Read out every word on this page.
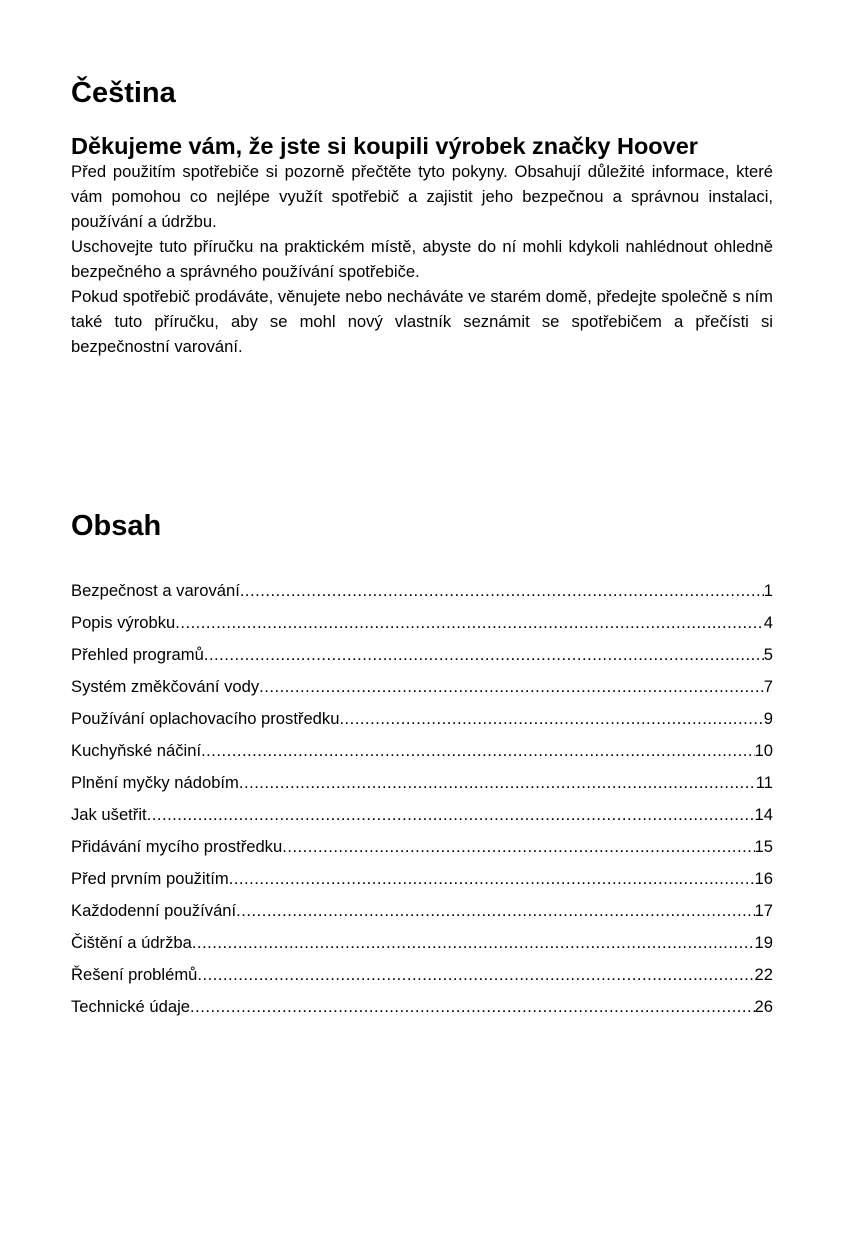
Čeština
Děkujeme vám, že jste si koupili výrobek značky Hoover

Před použitím spotřebiče si pozorně přečtěte tyto pokyny. Obsahují důležité informace, které vám pomohou co nejlépe využít spotřebič a zajistit jeho bezpečnou a správnou instalaci, používání a údržbu.

Uschovejte tuto příručku na praktickém místě, abyste do ní mohli kdykoli nahlédnout ohledně bezpečného a správného používání spotřebiče.

Pokud spotřebič prodáváte, věnujete nebo necháváte ve starém domě, předejte společně s ním také tuto příručku, aby se mohl nový vlastník seznámit se spotřebičem a přečísti si bezpečnostní varování.

Obsah
Bezpečnost a varování .....	1
Popis výrobku .....	4
Přehled programů .....	5
Systém změkčování vody .....	7
Používání oplachovacího prostředku .....	9
Kuchyňské náčiní .....	10
Plnění myčky nádobím .....	11
Jak ušetřit .....	14
Přidávání mycího prostředku .....	15
Před prvním použitím .....	16
Každodenní používání .....	17
Čištění a údržba .....	19
Řešení problémů .....	22
Technické údaje .....	26
